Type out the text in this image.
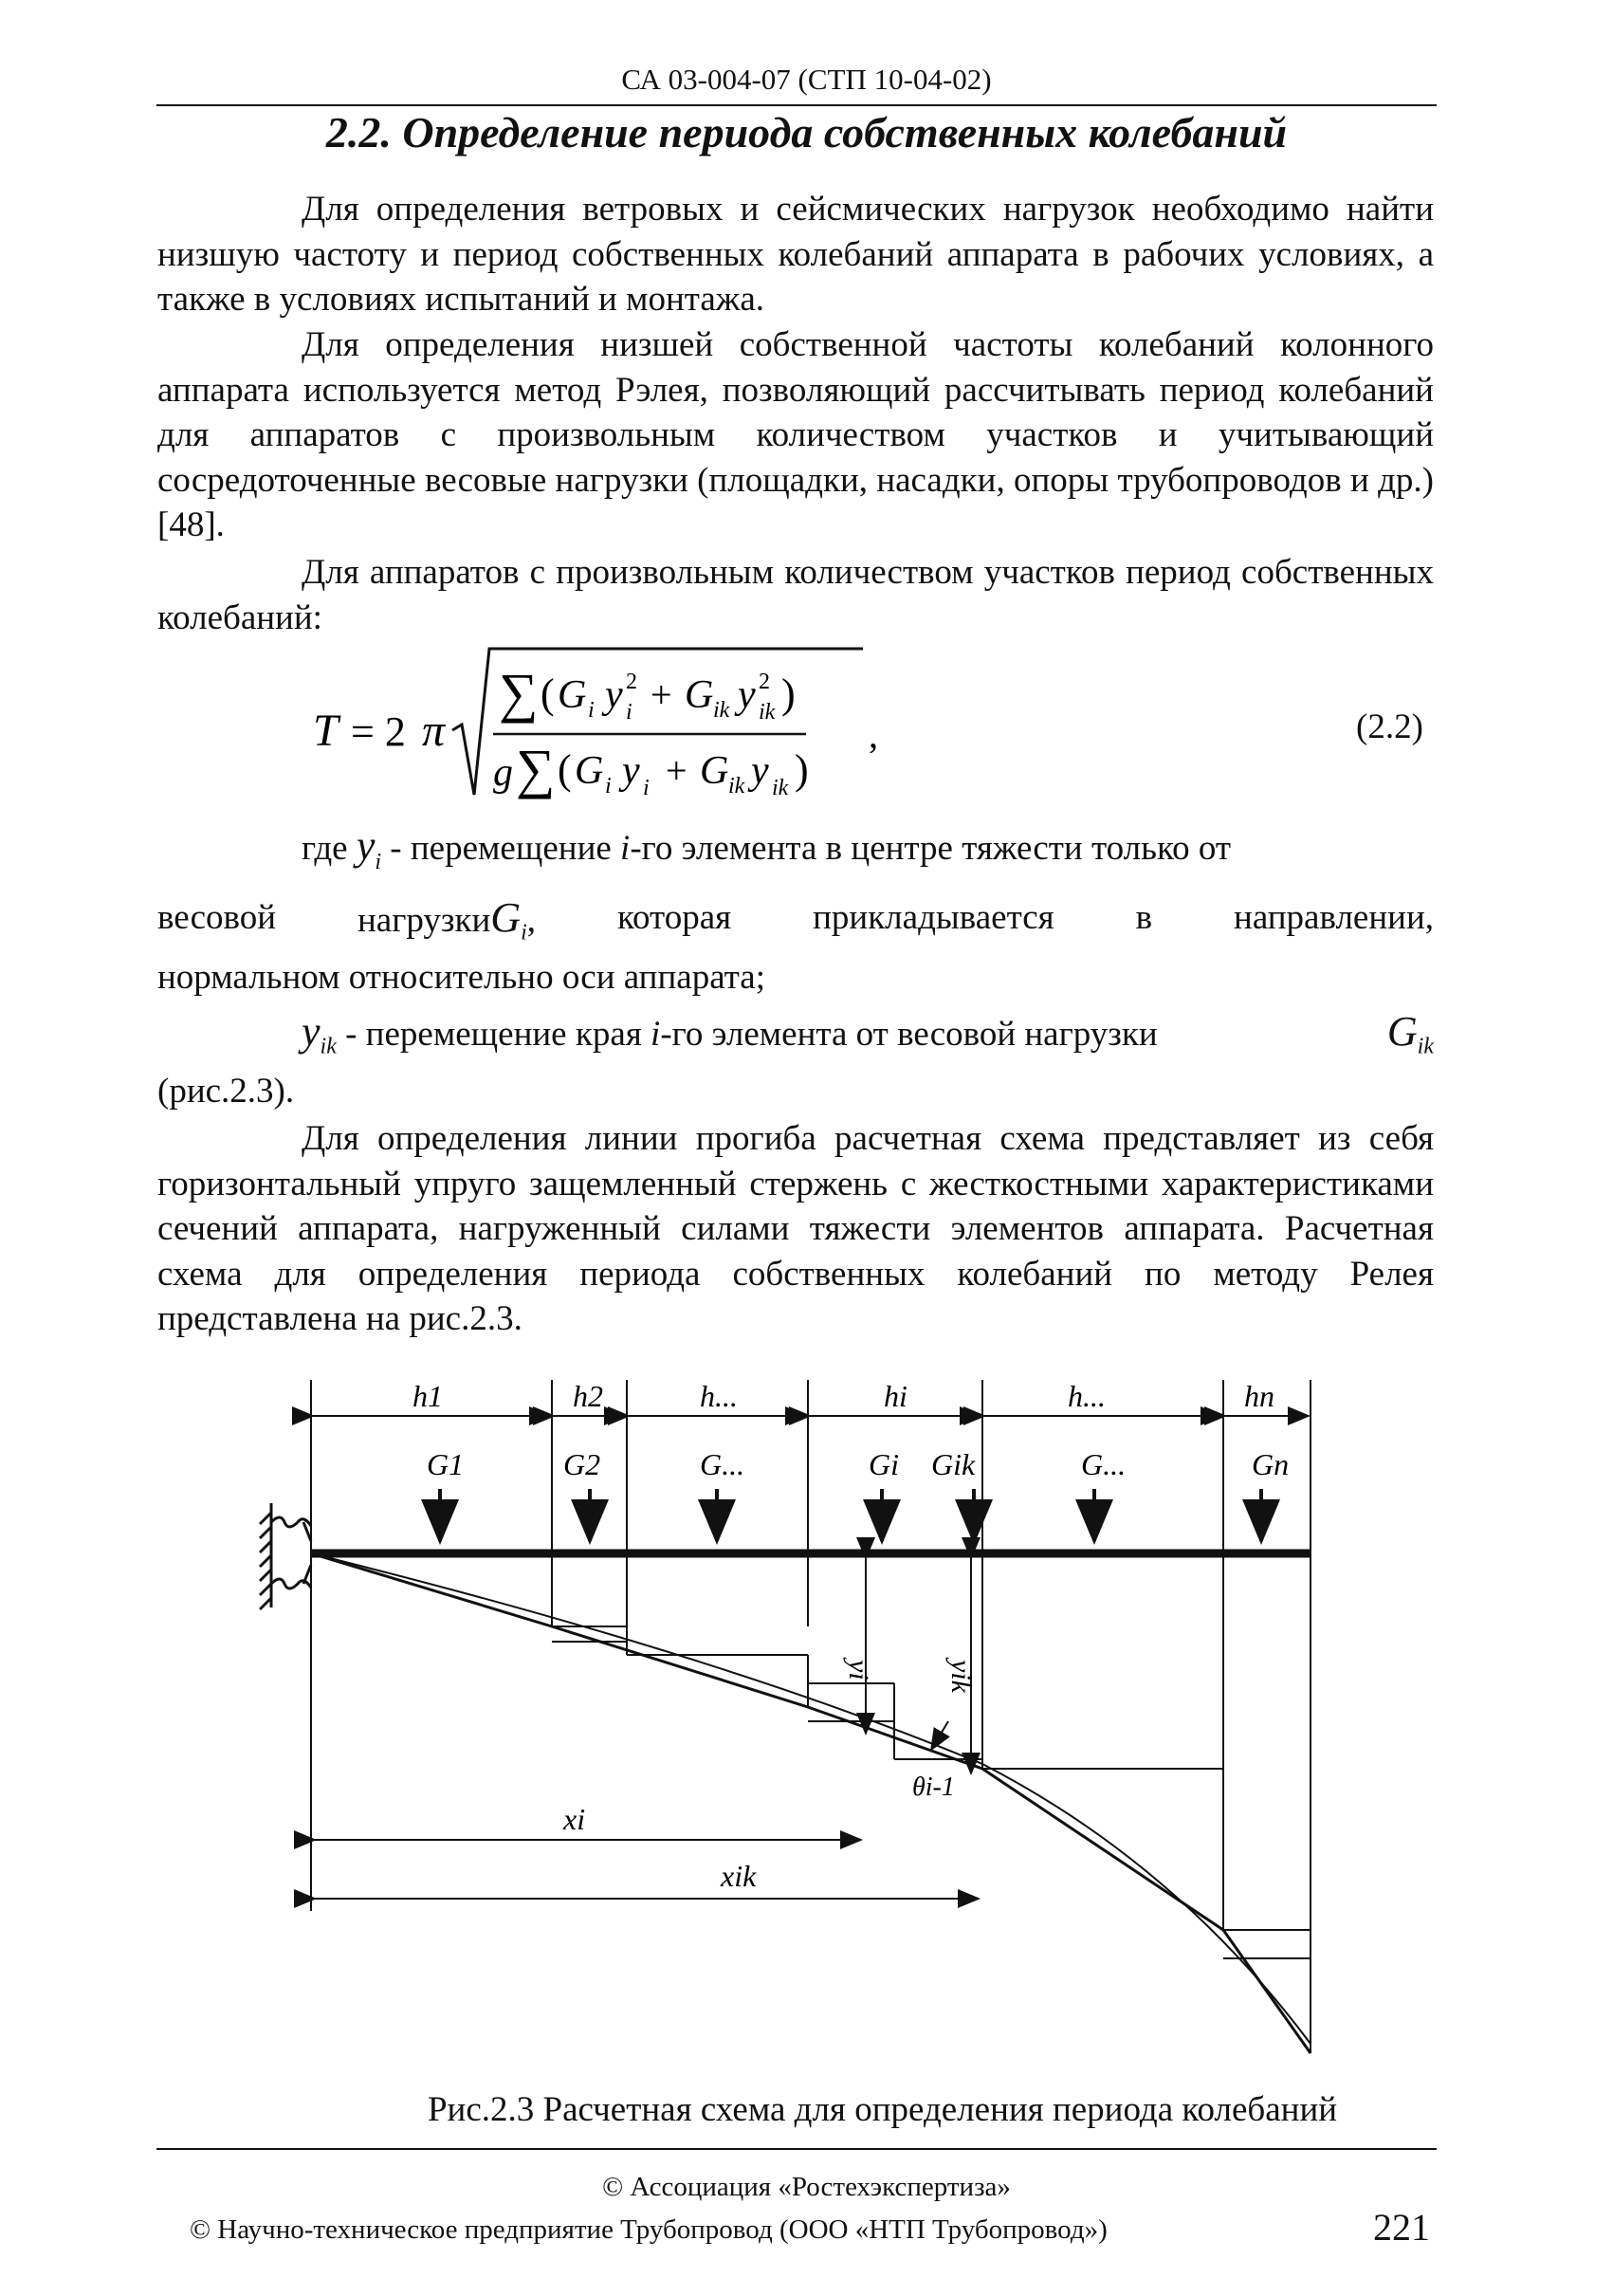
СА 03-004-07 (СТП 10-04-02)
2.2. Определение периода собственных колебаний

Для определения ветровых и сейсмических нагрузок необходимо найти низшую частоту и период собственных колебаний аппарата в рабочих условиях, а также в условиях испытаний и монтажа.

Для определения низшей собственной частоты колебаний колонного аппарата используется метод Рэлея, позволяющий рассчитывать период колебаний для аппаратов с произвольным количеством участков и учитывающий сосредоточенные весовые нагрузки (площадки, насадки, опоры трубопроводов и др.)[48].

Для аппаратов с произвольным количеством участков период собственных колебаний:

T = 2 π
∑ ( G i y 2
i + G ik y 2
ik )
g ∑ ( G i y i + G ik y ik )
,	(2.2)
где $y_i$ - перемещение i-го элемента в центре тяжести только от
весовой нагрузкиG$_i$, которая прикладывается в направлении,
нормальном относительно оси аппарата;
$y_{ik}$ - перемещение края i-го элемента от весовой нагрузки	$G_{ik}$
(рис.2.3).

Для определения линии прогиба расчетная схема представляет из себя горизонтальный упруго защемленный стержень с жесткостными характеристиками сечений аппарата, нагруженный силами тяжести элементов аппарата. Расчетная схема для определения периода собственных колебаний по методу Релея представлена на рис.2.3.

h1	h2	h...	hi	h...	hn
G1	G2	G...	Gi Gik	G...	Gn
yi	yik
θi-1
xi
xik
Рис.2.3 Расчетная схема для определения периода колебаний
© Ассоциация «Ростехэкспертиза»
© Научно-техническое предприятие Трубопровод (ООО «НТП Трубопровод»)	221
